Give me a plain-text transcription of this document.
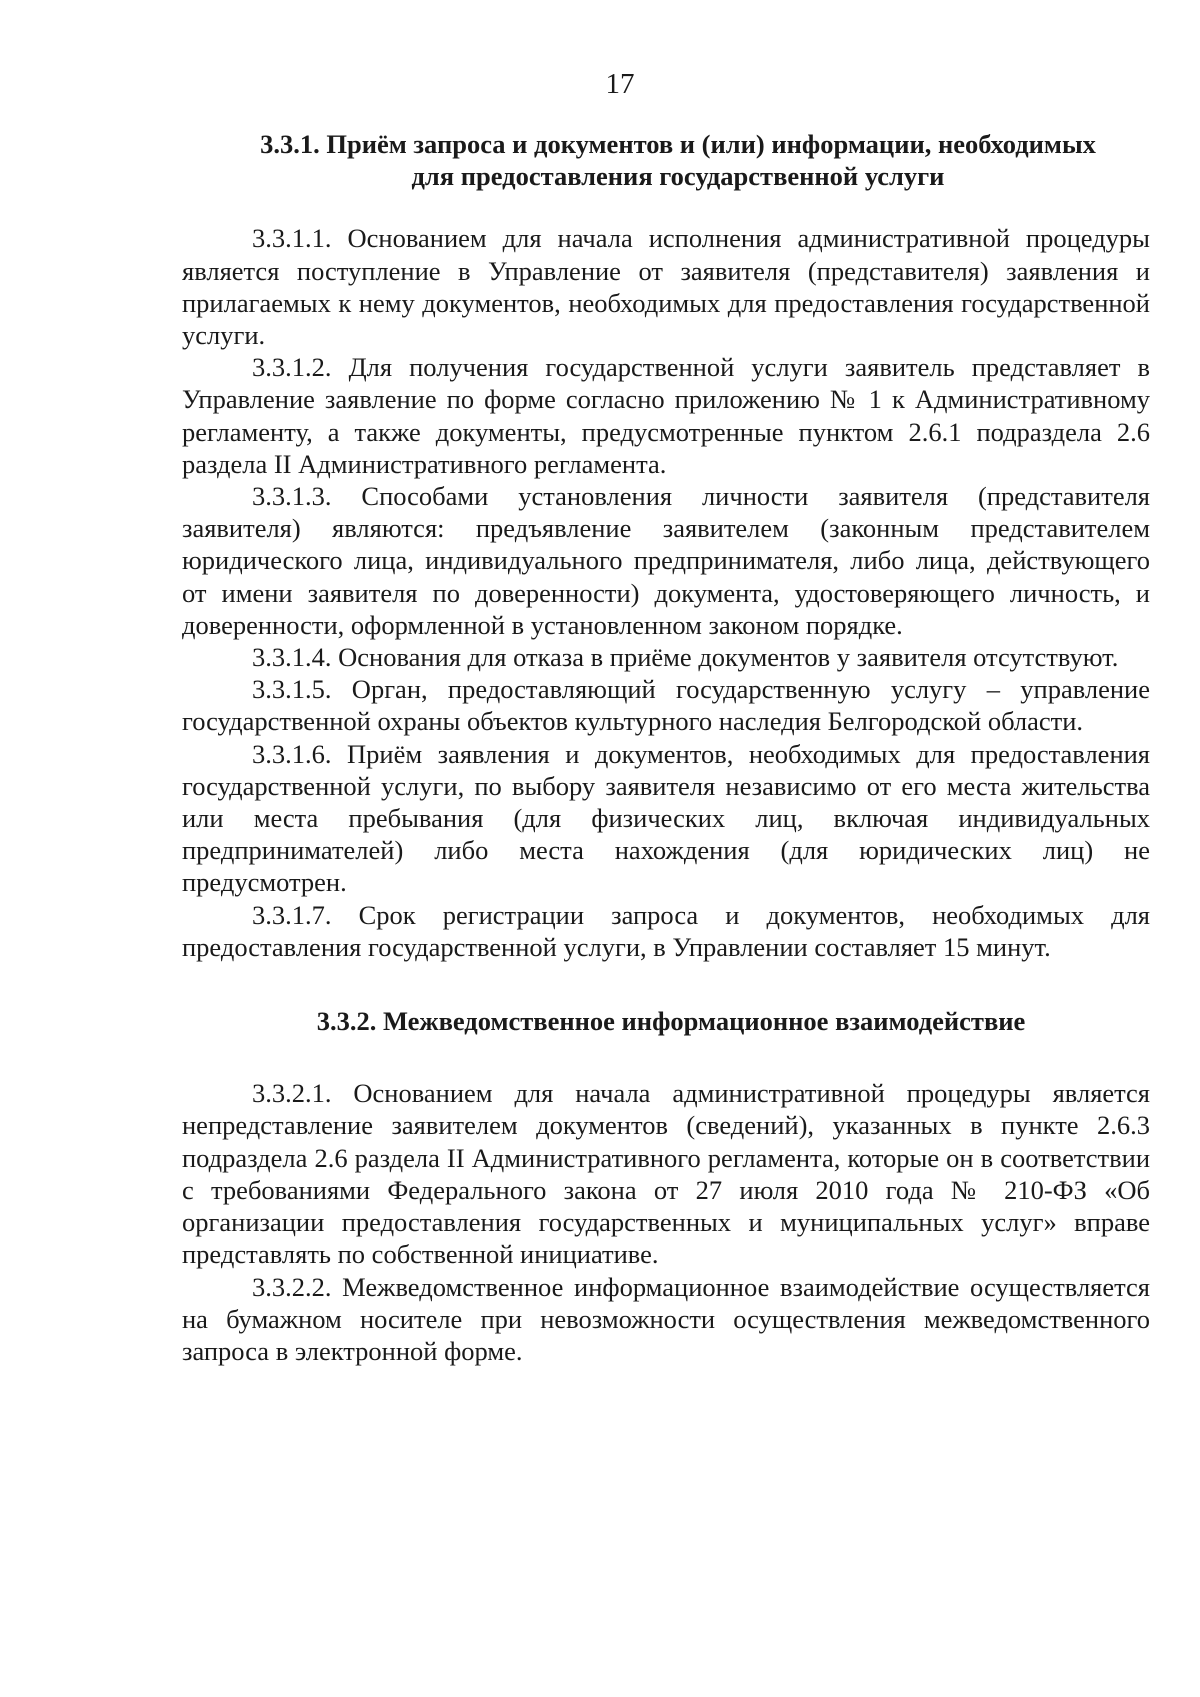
17
3.3.1. Приём запроса и документов и (или) информации, необходимых
для предоставления государственной услуги

3.3.1.1. Основанием для начала исполнения административной процедуры является поступление в Управление от заявителя (представителя) заявления и прилагаемых к нему документов, необходимых для предоставления государственной услуги.

3.3.1.2. Для получения государственной услуги заявитель представляет в Управление заявление по форме согласно приложению № 1 к Административному регламенту, а также документы, предусмотренные пунктом 2.6.1 подраздела 2.6 раздела II Административного регламента.

3.3.1.3. Способами установления личности заявителя (представителя заявителя) являются: предъявление заявителем (законным представителем юридического лица, индивидуального предпринимателя, либо лица, действующего от имени заявителя по доверенности) документа, удостоверяющего личность, и доверенности, оформленной в установленном законом порядке.

3.3.1.4. Основания для отказа в приёме документов у заявителя отсутствуют.

3.3.1.5. Орган, предоставляющий государственную услугу – управление государственной охраны объектов культурного наследия Белгородской области.

3.3.1.6. Приём заявления и документов, необходимых для предоставления государственной услуги, по выбору заявителя независимо от его места жительства или места пребывания (для физических лиц, включая индивидуальных предпринимателей) либо места нахождения (для юридических лиц) не предусмотрен.

3.3.1.7. Срок регистрации запроса и документов, необходимых для предоставления государственной услуги, в Управлении составляет 15 минут.

3.3.2. Межведомственное информационное взаимодействие

3.3.2.1. Основанием для начала административной процедуры является непредставление заявителем документов (сведений), указанных в пункте 2.6.3 подраздела 2.6 раздела II Административного регламента, которые он в соответствии с требованиями Федерального закона от 27 июля 2010 года № 210-ФЗ «Об организации предоставления государственных и муниципальных услуг» вправе представлять по собственной инициативе.

3.3.2.2. Межведомственное информационное взаимодействие осуществляется на бумажном носителе при невозможности осуществления межведомственного запроса в электронной форме.
